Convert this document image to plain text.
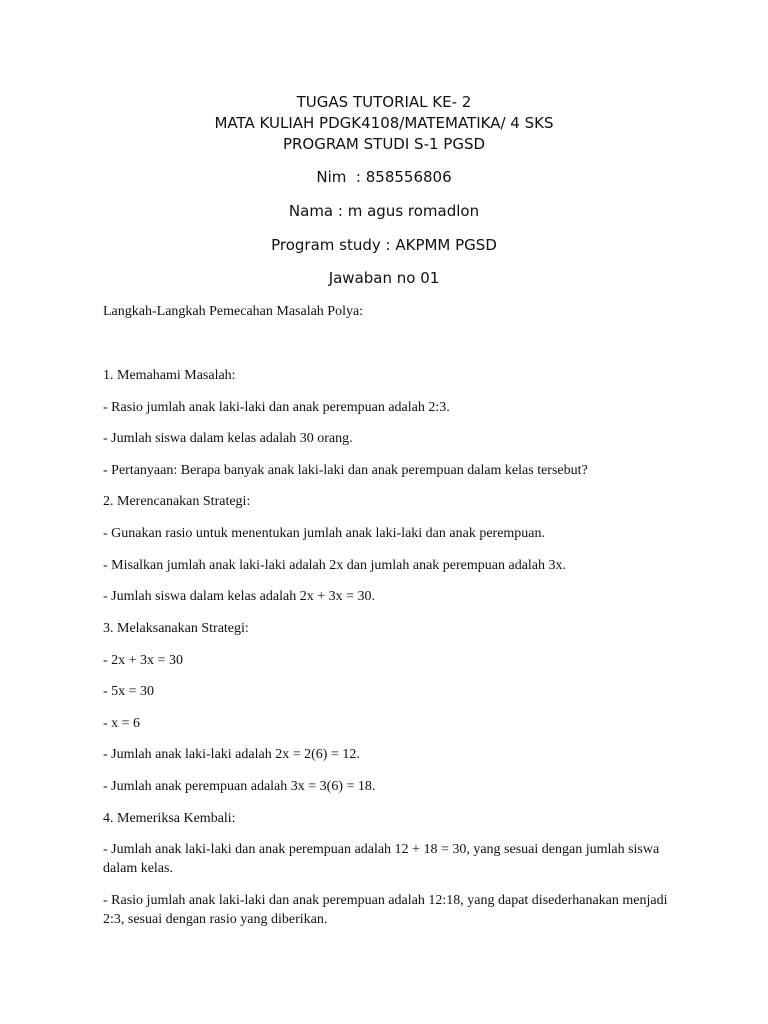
TUGAS TUTORIAL KE- 2
MATA KULIAH PDGK4108/MATEMATIKA/ 4 SKS
PROGRAM STUDI S-1 PGSD
Nim  : 858556806
Nama : m agus romadlon
Program study : AKPMM PGSD
Jawaban no 01
Langkah-Langkah Pemecahan Masalah Polya:
1. Memahami Masalah:
- Rasio jumlah anak laki-laki dan anak perempuan adalah 2:3.
- Jumlah siswa dalam kelas adalah 30 orang.
- Pertanyaan: Berapa banyak anak laki-laki dan anak perempuan dalam kelas tersebut?
2. Merencanakan Strategi:
- Gunakan rasio untuk menentukan jumlah anak laki-laki dan anak perempuan.
- Misalkan jumlah anak laki-laki adalah 2x dan jumlah anak perempuan adalah 3x.
- Jumlah siswa dalam kelas adalah 2x + 3x = 30.
3. Melaksanakan Strategi:
- 2x + 3x = 30
- 5x = 30
- x = 6
- Jumlah anak laki-laki adalah 2x = 2(6) = 12.
- Jumlah anak perempuan adalah 3x = 3(6) = 18.
4. Memeriksa Kembali:
- Jumlah anak laki-laki dan anak perempuan adalah 12 + 18 = 30, yang sesuai dengan jumlah siswa dalam kelas.
- Rasio jumlah anak laki-laki dan anak perempuan adalah 12:18, yang dapat disederhanakan menjadi 2:3, sesuai dengan rasio yang diberikan.
